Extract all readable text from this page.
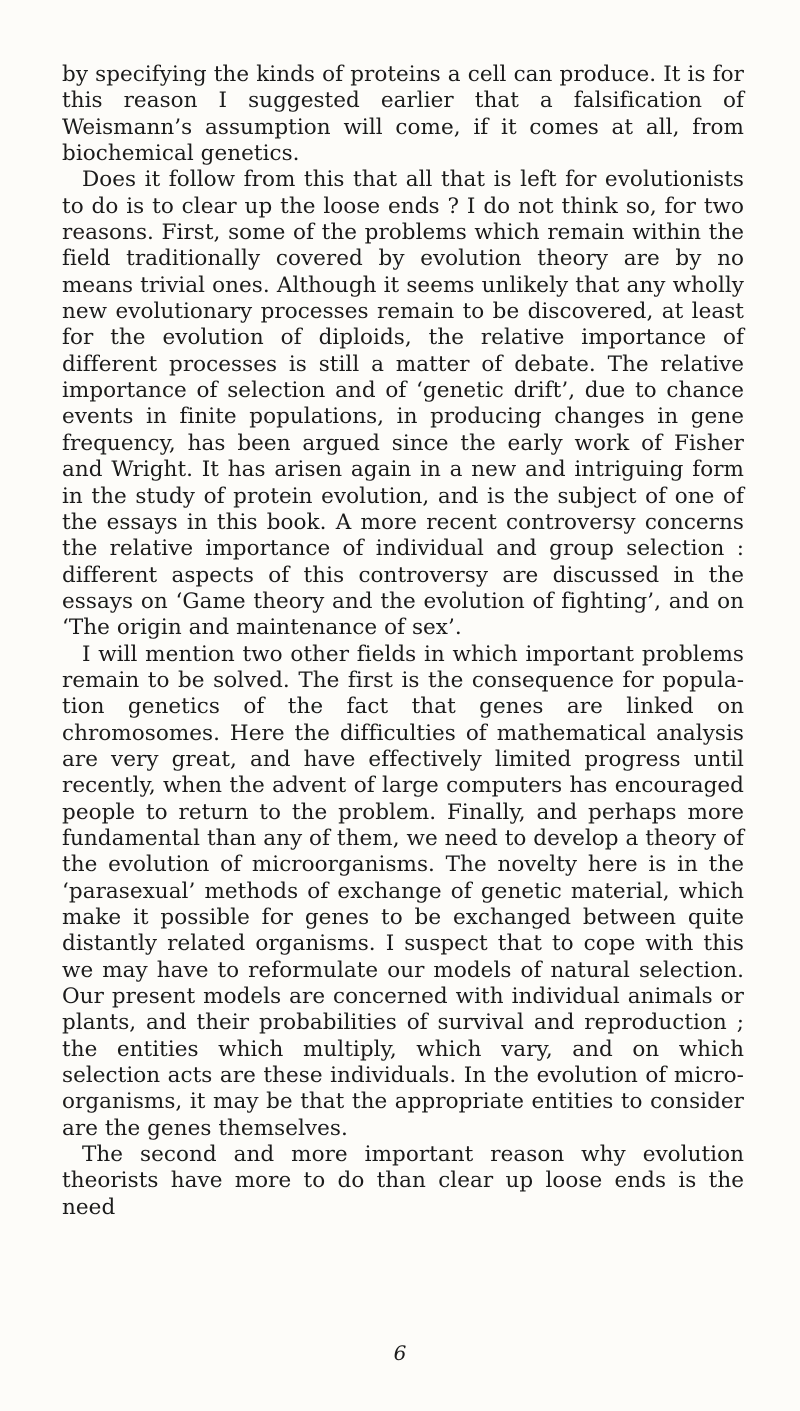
by specifying the kinds of proteins a cell can produce. It is for this reason I suggested earlier that a falsification of Weismann’s assumption will come, if it comes at all, from biochemical genetics.

Does it follow from this that all that is left for evolutionists to do is to clear up the loose ends ? I do not think so, for two reasons. First, some of the problems which remain within the field traditionally covered by evolution theory are by no means trivial ones. Although it seems unlikely that any wholly new evolutionary processes remain to be discovered, at least for the evolution of diploids, the relative importance of different processes is still a matter of debate. The relative importance of selection and of ‘genetic drift’, due to chance events in finite populations, in producing changes in gene frequency, has been argued since the early work of Fisher and Wright. It has arisen again in a new and intriguing form in the study of protein evolution, and is the subject of one of the essays in this book. A more recent controversy concerns the relative importance of individual and group selection : different aspects of this controversy are discussed in the essays on ‘Game theory and the evolution of fighting’, and on ‘The origin and maintenance of sex’.

I will mention two other fields in which important problems remain to be solved. The first is the consequence for population genetics of the fact that genes are linked on chromosomes. Here the difficulties of mathematical analysis are very great, and have effectively limited progress until recently, when the advent of large computers has encouraged people to return to the problem. Finally, and perhaps more fundamental than any of them, we need to develop a theory of the evolution of microorganisms. The novelty here is in the ‘parasexual’ methods of exchange of genetic material, which make it possible for genes to be exchanged between quite distantly related organisms. I suspect that to cope with this we may have to reformulate our models of natural selection. Our present models are concerned with individual animals or plants, and their probabilities of survival and reproduction ; the entities which multiply, which vary, and on which selection acts are these individuals. In the evolution of micro-organisms, it may be that the appropriate entities to consider are the genes themselves.

The second and more important reason why evolution theorists have more to do than clear up loose ends is the need

6
